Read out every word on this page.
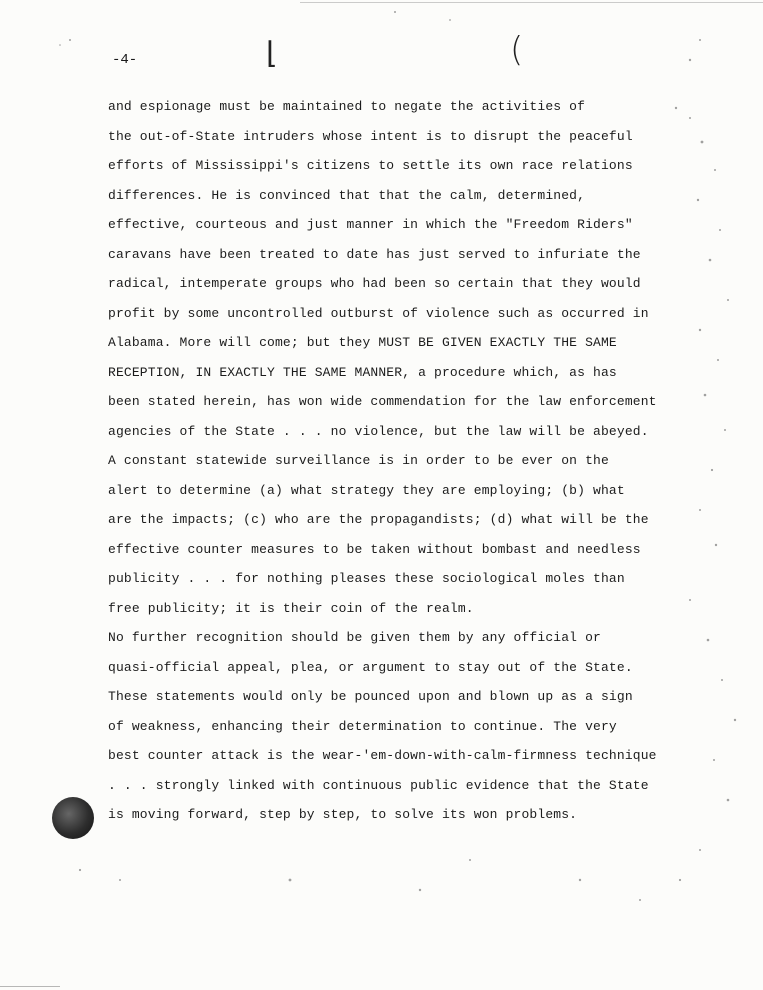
⌊	(
-4-
and espionage must be maintained to negate the activities of
the out-of-State intruders whose intent is to disrupt the peaceful
efforts of Mississippi's citizens to settle its own race relations
differences. He is convinced that that the calm, determined,
effective, courteous and just manner in which the "Freedom Riders"
caravans have been treated to date has just served to infuriate the
radical, intemperate groups who had been so certain that they would
profit by some uncontrolled outburst of violence such as occurred in
Alabama. More will come; but they MUST BE GIVEN EXACTLY THE SAME
RECEPTION, IN EXACTLY THE SAME MANNER, a procedure which, as has
been stated herein, has won wide commendation for the law enforcement
agencies of the State . . . no violence, but the law will be abeyed.
A constant statewide surveillance is in order to be ever on the
alert to determine (a) what strategy they are employing; (b) what
are the impacts; (c) who are the propagandists; (d) what will be the
effective counter measures to be taken without bombast and needless
publicity . . . for nothing pleases these sociological moles than
free publicity; it is their coin of the realm.
No further recognition should be given them by any official or
quasi-official appeal, plea, or argument to stay out of the State.
These statements would only be pounced upon and blown up as a sign
of weakness, enhancing their determination to continue. The very
best counter attack is the wear-'em-down-with-calm-firmness technique
. . . strongly linked with continuous public evidence that the State
is moving forward, step by step, to solve its won problems.
